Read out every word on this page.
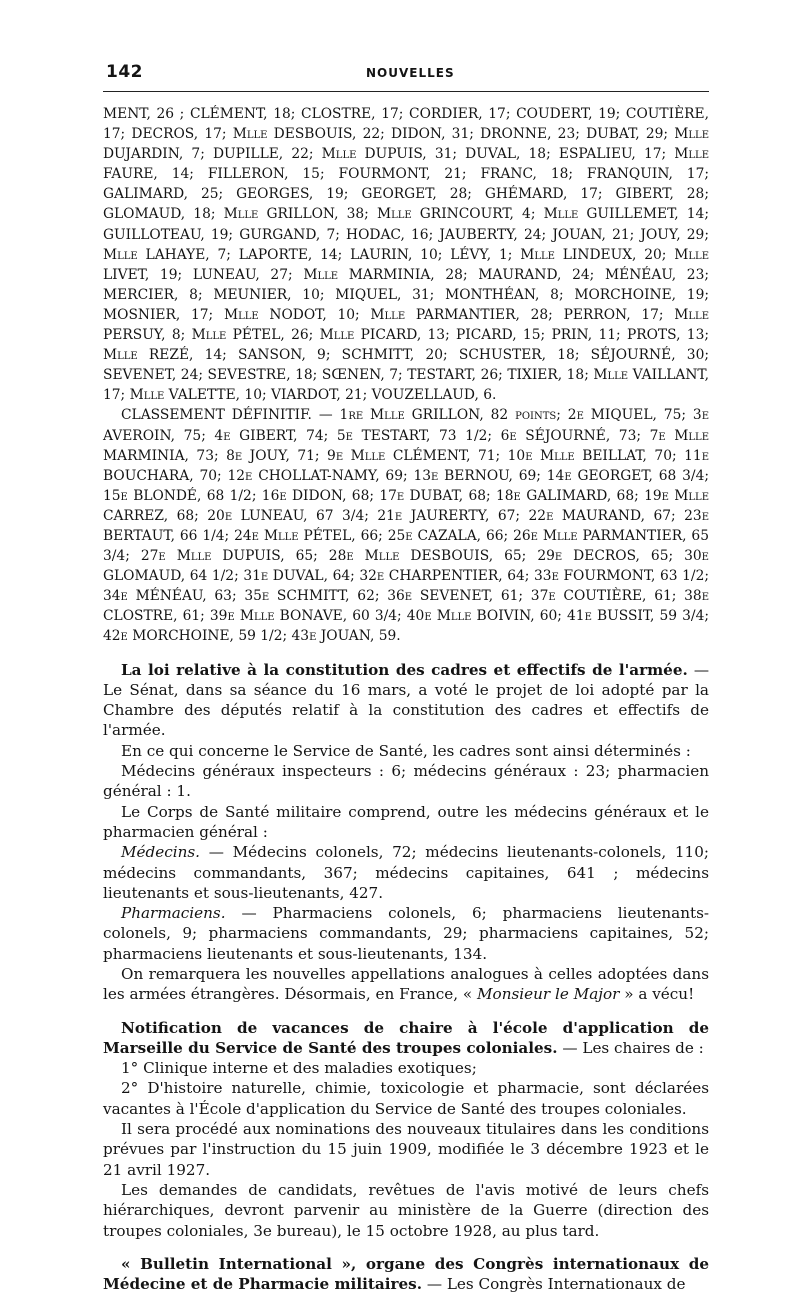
142	NOUVELLES

MENT, 26 ; CLÉMENT, 18; CLOSTRE, 17; CORDIER, 17; COUDERT, 19; COUTIÈRE, 17; DECROS, 17; Mlle DESBOUIS, 22; DIDON, 31; DRONNE, 23; DUBAT, 29; Mlle DUJARDIN, 7; DUPILLE, 22; Mlle DUPUIS, 31; DUVAL, 18; ESPALIEU, 17; Mlle FAURE, 14; FILLERON, 15; FOURMONT, 21; FRANC, 18; FRANQUIN, 17; GALIMARD, 25; GEORGES, 19; GEORGET, 28; GHÉMARD, 17; GIBERT, 28; GLOMAUD, 18; Mlle GRILLON, 38; Mlle GRINCOURT, 4; Mlle GUILLEMET, 14; GUILLOTEAU, 19; GURGAND, 7; HODAC, 16; JAUBERTY, 24; JOUAN, 21; JOUY, 29; Mlle LAHAYE, 7; LAPORTE, 14; LAURIN, 10; LÉVY, 1; Mlle LINDEUX, 20; Mlle LIVET, 19; LUNEAU, 27; Mlle MARMINIA, 28; MAURAND, 24; MÉNÉAU, 23; MERCIER, 8; MEUNIER, 10; MIQUEL, 31; MONTHÉAN, 8; MORCHOINE, 19; MOSNIER, 17; Mlle NODOT, 10; Mlle PARMANTIER, 28; PERRON, 17; Mlle PERSUY, 8; Mlle PÉTEL, 26; Mlle PICARD, 13; PICARD, 15; PRIN, 11; PROTS, 13; Mlle REZÉ, 14; SANSON, 9; SCHMITT, 20; SCHUSTER, 18; SÉJOURNÉ, 30; SEVENET, 24; SEVESTRE, 18; SŒNEN, 7; TESTART, 26; TIXIER, 18; Mlle VAILLANT, 17; Mlle VALETTE, 10; VIARDOT, 21; VOUZELLAUD, 6.

CLASSEMENT DÉFINITIF. — 1re Mlle GRILLON, 82 points; 2e MIQUEL, 75; 3e AVEROIN, 75; 4e GIBERT, 74; 5e TESTART, 73 1/2; 6e SÉJOURNÉ, 73; 7e Mlle MARMINIA, 73; 8e JOUY, 71; 9e Mlle CLÉMENT, 71; 10e Mlle BEILLAT, 70; 11e BOUCHARA, 70; 12e CHOLLAT-NAMY, 69; 13e BERNOU, 69; 14e GEORGET, 68 3/4; 15e BLONDÉ, 68 1/2; 16e DIDON, 68; 17e DUBAT, 68; 18e GALIMARD, 68; 19e Mlle CARREZ, 68; 20e LUNEAU, 67 3/4; 21e JAURERTY, 67; 22e MAURAND, 67; 23e BERTAUT, 66 1/4; 24e Mlle PÉTEL, 66; 25e CAZALA, 66; 26e Mlle PARMANTIER, 65 3/4; 27e Mlle DUPUIS, 65; 28e Mlle DESBOUIS, 65; 29e DECROS, 65; 30e GLOMAUD, 64 1/2; 31e DUVAL, 64; 32e CHARPENTIER, 64; 33e FOURMONT, 63 1/2; 34e MÉNÉAU, 63; 35e SCHMITT, 62; 36e SEVENET, 61; 37e COUTIÈRE, 61; 38e CLOSTRE, 61; 39e Mlle BONAVE, 60 3/4; 40e Mlle BOIVIN, 60; 41e BUSSIT, 59 3/4; 42e MORCHOINE, 59 1/2; 43e JOUAN, 59.

La loi relative à la constitution des cadres et effectifs de l'armée. — Le Sénat, dans sa séance du 16 mars, a voté le projet de loi adopté par la Chambre des députés relatif à la constitution des cadres et effectifs de l'armée.

En ce qui concerne le Service de Santé, les cadres sont ainsi déterminés :

Médecins généraux inspecteurs : 6; médecins généraux : 23; pharmacien général : 1.

Le Corps de Santé militaire comprend, outre les médecins généraux et le pharmacien général :

Médecins. — Médecins colonels, 72; médecins lieutenants-colonels, 110; médecins commandants, 367; médecins capitaines, 641 ; médecins lieutenants et sous-lieutenants, 427.

Pharmaciens. — Pharmaciens colonels, 6; pharmaciens lieutenants-colonels, 9; pharmaciens commandants, 29; pharmaciens capitaines, 52; pharmaciens lieutenants et sous-lieutenants, 134.

On remarquera les nouvelles appellations analogues à celles adoptées dans les armées étrangères. Désormais, en France, « Monsieur le Major » a vécu!

Notification de vacances de chaire à l'école d'application de Marseille du Service de Santé des troupes coloniales. — Les chaires de :

1° Clinique interne et des maladies exotiques;

2° D'histoire naturelle, chimie, toxicologie et pharmacie, sont déclarées vacantes à l'École d'application du Service de Santé des troupes coloniales.

Il sera procédé aux nominations des nouveaux titulaires dans les conditions prévues par l'instruction du 15 juin 1909, modifiée le 3 décembre 1923 et le 21 avril 1927.

Les demandes de candidats, revêtues de l'avis motivé de leurs chefs hiérarchiques, devront parvenir au ministère de la Guerre (direction des troupes coloniales, 3e bureau), le 15 octobre 1928, au plus tard.

« Bulletin International », organe des Congrès internationaux de Médecine et de Pharmacie militaires. — Les Congrès Internationaux de
